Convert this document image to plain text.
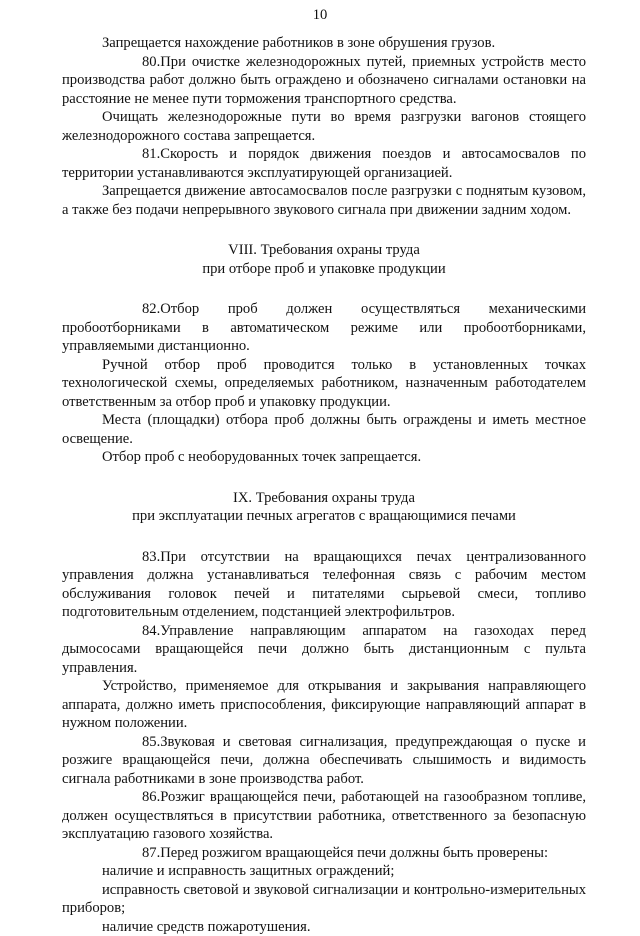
10

Запрещается нахождение работников в зоне обрушения грузов.

80.При очистке железнодорожных путей, приемных устройств место производства работ должно быть ограждено и обозначено сигналами остановки на расстояние не менее пути торможения транспортного средства.

Очищать железнодорожные пути во время разгрузки вагонов стоящего железнодорожного состава запрещается.

81.Скорость и порядок движения поездов и автосамосвалов по территории устанавливаются эксплуатирующей организацией.

Запрещается движение автосамосвалов после разгрузки с поднятым кузовом, а также без подачи непрерывного звукового сигнала при движении задним ходом.

VIII. Требования охраны труда
при отборе проб и упаковке продукции

82.Отбор проб должен осуществляться механическими пробоотборниками в автоматическом режиме или пробоотборниками, управляемыми дистанционно.

Ручной отбор проб проводится только в установленных точках технологической схемы, определяемых работником, назначенным работодателем ответственным за отбор проб и упаковку продукции.

Места (площадки) отбора проб должны быть ограждены и иметь местное освещение.

Отбор проб с необорудованных точек запрещается.

IX. Требования охраны труда
при эксплуатации печных агрегатов с вращающимися печами

83.При отсутствии на вращающихся печах централизованного управления должна устанавливаться телефонная связь с рабочим местом обслуживания головок печей и питателями сырьевой смеси, топливо подготовительным отделением, подстанцией электрофильтров.

84.Управление направляющим аппаратом на газоходах перед дымососами вращающейся печи должно быть дистанционным с пульта управления.

Устройство, применяемое для открывания и закрывания направляющего аппарата, должно иметь приспособления, фиксирующие направляющий аппарат в нужном положении.

85.Звуковая и световая сигнализация, предупреждающая о пуске и розжиге вращающейся печи, должна обеспечивать слышимость и видимость сигнала работниками в зоне производства работ.

86.Розжиг вращающейся печи, работающей на газообразном топливе, должен осуществляться в присутствии работника, ответственного за безопасную эксплуатацию газового хозяйства.

87.Перед розжигом вращающейся печи должны быть проверены:

наличие и исправность защитных ограждений;

исправность световой и звуковой сигнализации и контрольно-измерительных приборов;

наличие средств пожаротушения.
